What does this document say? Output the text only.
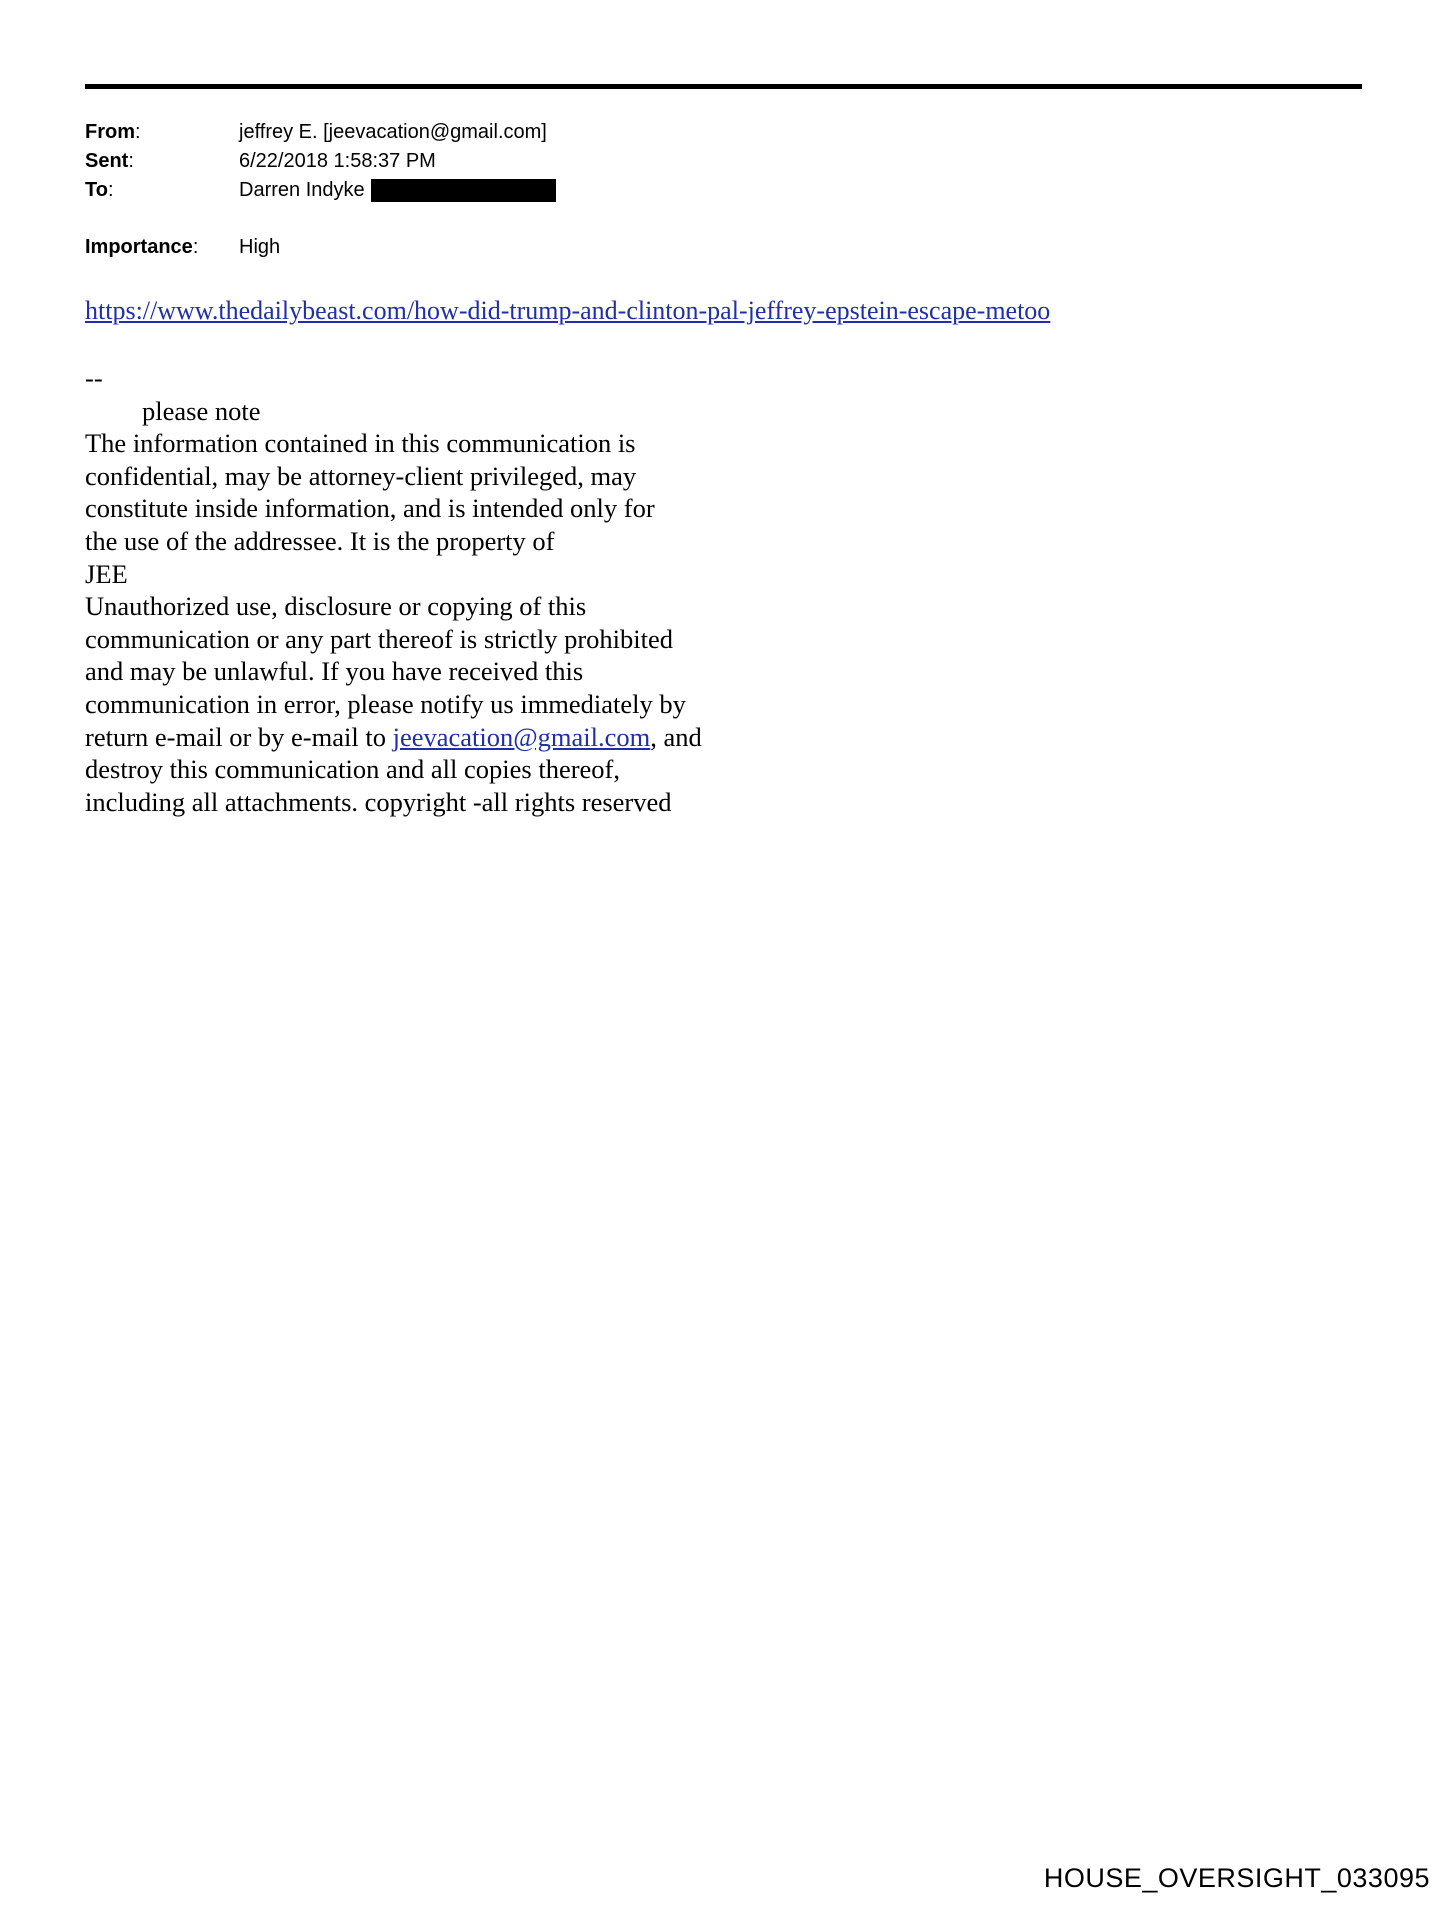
From:	jeffrey E. [jeevacation@gmail.com]
Sent:	6/22/2018 1:58:37 PM
To:	Darren Indyke
Importance:	High
https://www.thedailybeast.com/how-did-trump-and-clinton-pal-jeffrey-epstein-escape-metoo
--
please note
The information contained in this communication is
confidential, may be attorney-client privileged, may
constitute inside information, and is intended only for
the use of the addressee. It is the property of
JEE
Unauthorized use, disclosure or copying of this
communication or any part thereof is strictly prohibited
and may be unlawful. If you have received this
communication in error, please notify us immediately by
return e-mail or by e-mail to jeevacation@gmail.com, and
destroy this communication and all copies thereof,
including all attachments. copyright -all rights reserved
HOUSE_OVERSIGHT_033095
